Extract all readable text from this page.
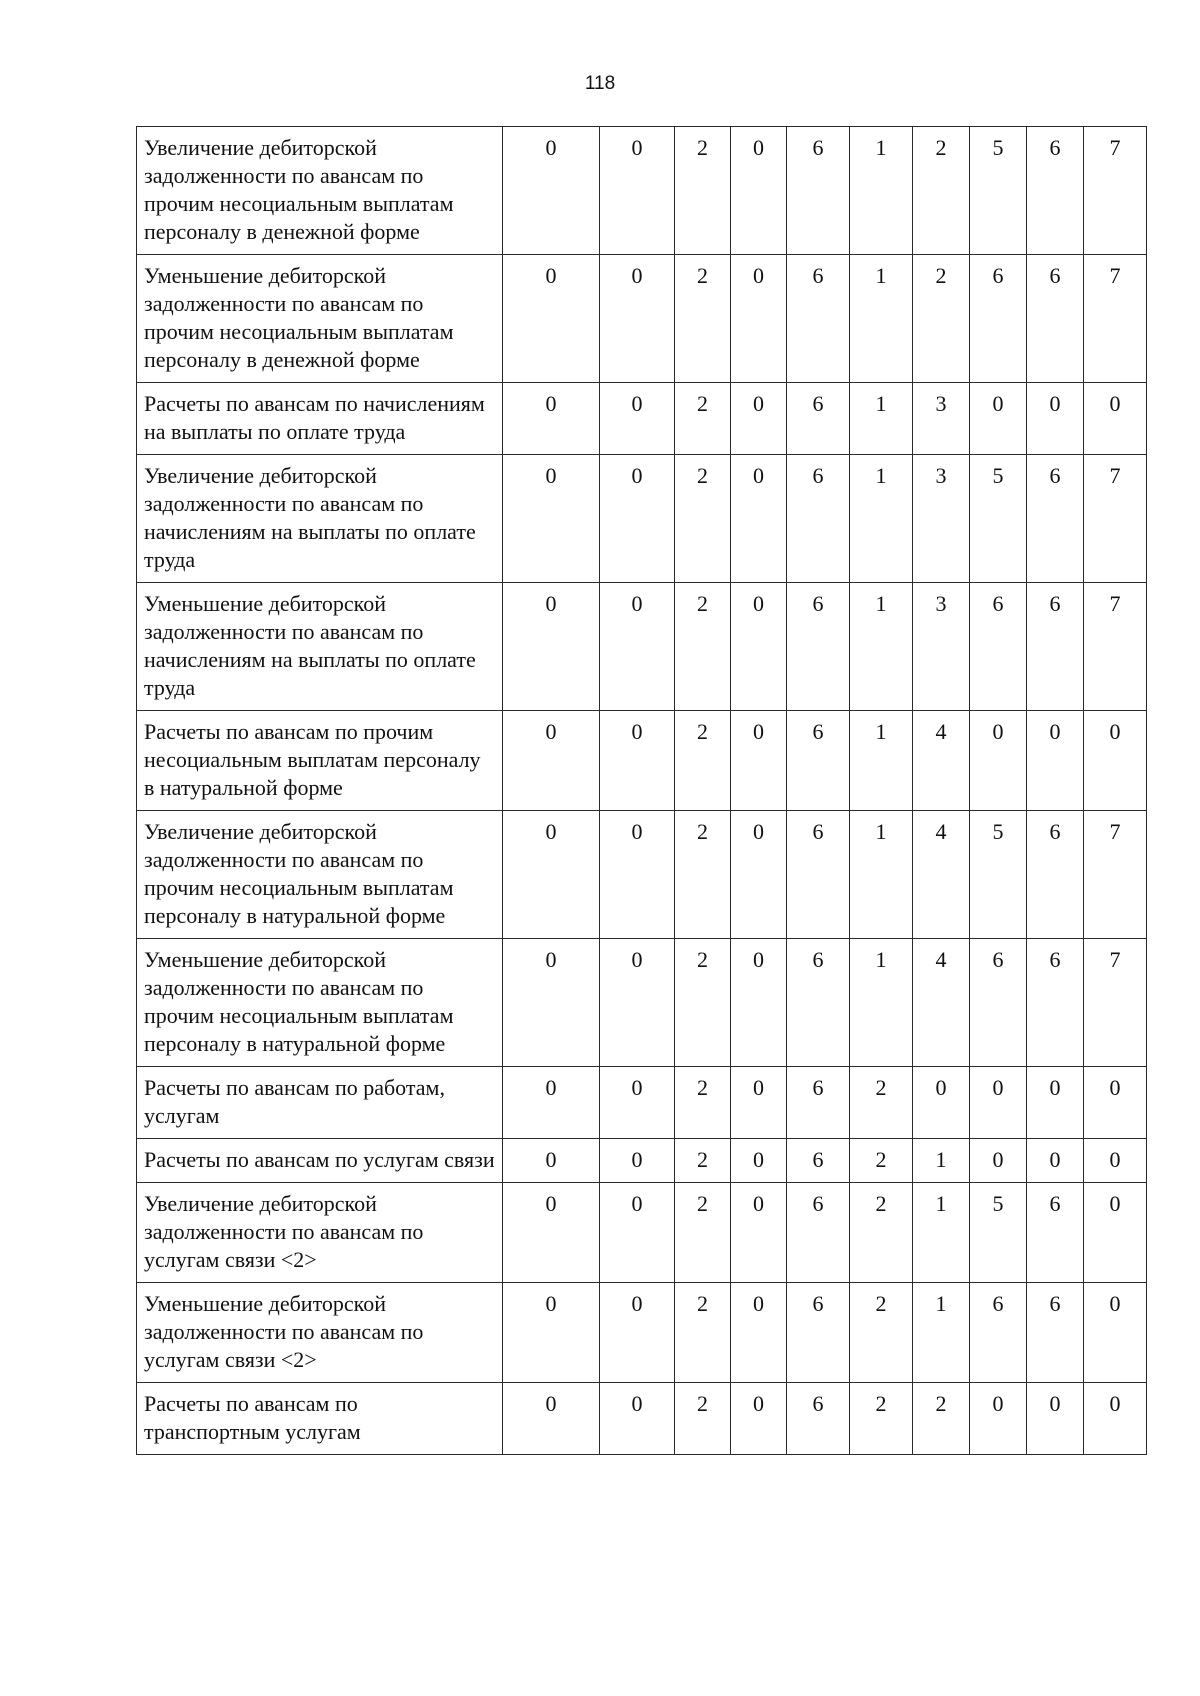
118
Увеличение дебиторской задолженности по авансам по прочим несоциальным выплатам персоналу в денежной форме	0	0	2	0	6	1	2	5	6	7
Уменьшение дебиторской задолженности по авансам по прочим несоциальным выплатам персоналу в денежной форме	0	0	2	0	6	1	2	6	6	7
Расчеты по авансам по начислениям на выплаты по оплате труда	0	0	2	0	6	1	3	0	0	0
Увеличение дебиторской задолженности по авансам по начислениям на выплаты по оплате труда	0	0	2	0	6	1	3	5	6	7
Уменьшение дебиторской задолженности по авансам по начислениям на выплаты по оплате труда	0	0	2	0	6	1	3	6	6	7
Расчеты по авансам по прочим несоциальным выплатам персоналу в натуральной форме	0	0	2	0	6	1	4	0	0	0
Увеличение дебиторской задолженности по авансам по прочим несоциальным выплатам персоналу в натуральной форме	0	0	2	0	6	1	4	5	6	7
Уменьшение дебиторской задолженности по авансам по прочим несоциальным выплатам персоналу в натуральной форме	0	0	2	0	6	1	4	6	6	7
Расчеты по авансам по работам, услугам	0	0	2	0	6	2	0	0	0	0
Расчеты по авансам по услугам связи	0	0	2	0	6	2	1	0	0	0
Увеличение дебиторской задолженности по авансам по услугам связи <2>	0	0	2	0	6	2	1	5	6	0
Уменьшение дебиторской задолженности по авансам по услугам связи <2>	0	0	2	0	6	2	1	6	6	0
Расчеты по авансам по транспортным услугам	0	0	2	0	6	2	2	0	0	0
